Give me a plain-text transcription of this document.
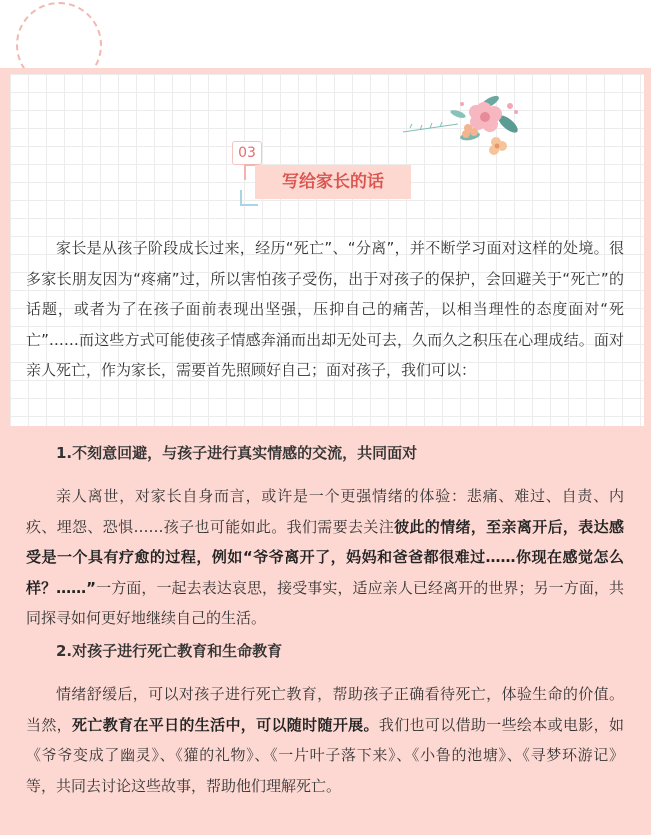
03
写给家长的话

家长是从孩子阶段成长过来，经历“死亡”、“分离”，并不断学习面对这样的处境。很多家长朋友因为“疼痛”过，所以害怕孩子受伤，出于对孩子的保护，会回避关于“死亡”的话题，或者为了在孩子面前表现出坚强，压抑自己的痛苦，以相当理性的态度面对“死亡”……而这些方式可能使孩子情感奔涌而出却无处可去，久而久之积压在心理成结。面对亲人死亡，作为家长，需要首先照顾好自己；面对孩子，我们可以：

1.不刻意回避，与孩子进行真实情感的交流，共同面对

亲人离世，对家长自身而言，或许是一个更强情绪的体验：悲痛、难过、自责、内疚、埋怨、恐惧……孩子也可能如此。我们需要去关注彼此的情绪，至亲离开后，表达感受是一个具有疗愈的过程，例如“爷爷离开了，妈妈和爸爸都很难过……你现在感觉怎么样？……”一方面，一起去表达哀思，接受事实，适应亲人已经离开的世界；另一方面，共同探寻如何更好地继续自己的生活。

2.对孩子进行死亡教育和生命教育

情绪舒缓后，可以对孩子进行死亡教育，帮助孩子正确看待死亡，体验生命的价值。当然，死亡教育在平日的生活中，可以随时随开展。我们也可以借助一些绘本或电影，如《爷爷变成了幽灵》、《獾的礼物》、《一片叶子落下来》、《小鲁的池塘》、《寻梦环游记》等，共同去讨论这些故事，帮助他们理解死亡。
